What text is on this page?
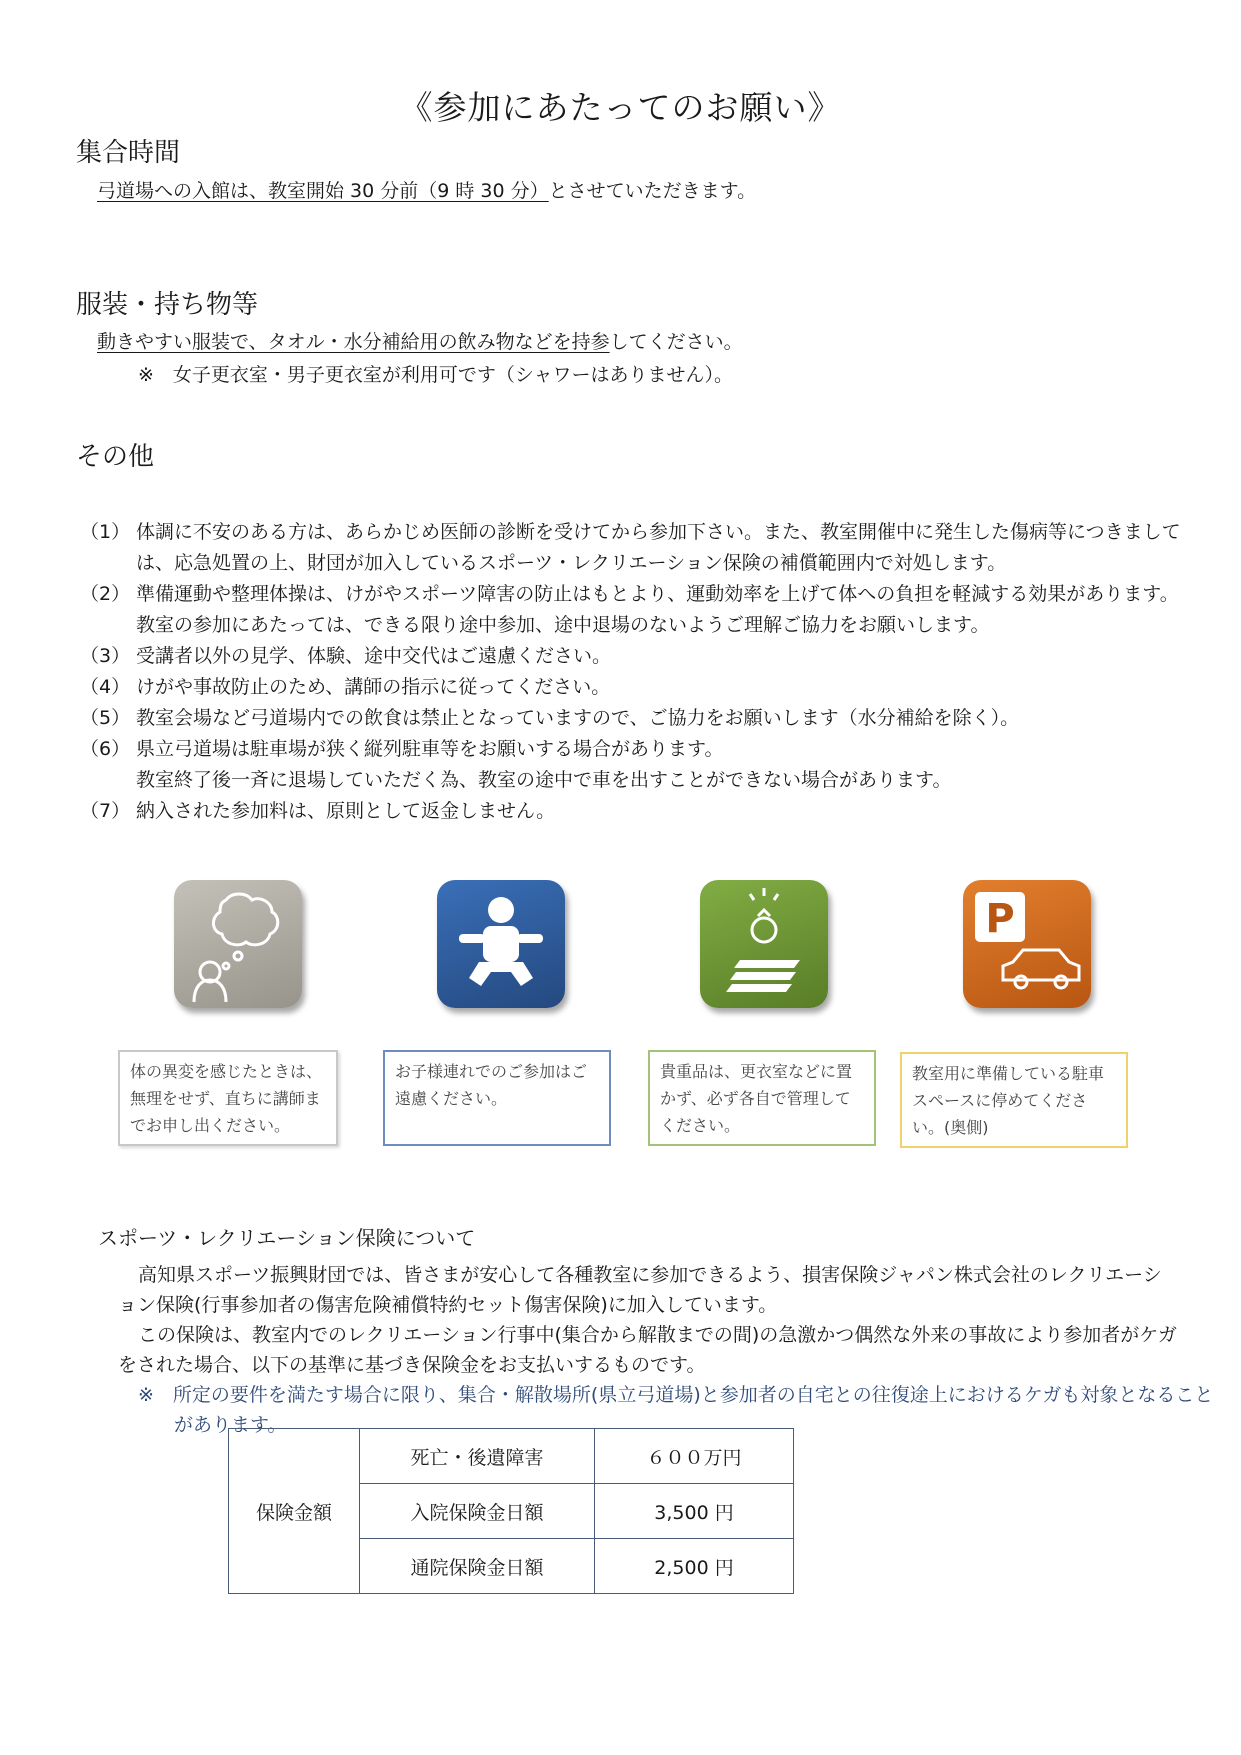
《参加にあたってのお願い》
集合時間
弓道場への入館は、教室開始 30 分前（9 時 30 分）とさせていただきます。
服装・持ち物等
動きやすい服装で、タオル・水分補給用の飲み物などを持参してください。
※　女子更衣室・男子更衣室が利用可です（シャワーはありません）。
その他
（1） 体調に不安のある方は、あらかじめ医師の診断を受けてから参加下さい。また、教室開催中に発生した傷病等につきましては、応急処置の上、財団が加入しているスポーツ・レクリエーション保険の補償範囲内で対処します。
（2） 準備運動や整理体操は、けがやスポーツ障害の防止はもとより、運動効率を上げて体への負担を軽減する効果があります。教室の参加にあたっては、できる限り途中参加、途中退場のないようご理解ご協力をお願いします。
（3） 受講者以外の見学、体験、途中交代はご遠慮ください。
（4） けがや事故防止のため、講師の指示に従ってください。
（5） 教室会場など弓道場内での飲食は禁止となっていますので、ご協力をお願いします（水分補給を除く）。
（6） 県立弓道場は駐車場が狭く縦列駐車等をお願いする場合があります。
教室終了後一斉に退場していただく為、教室の途中で車を出すことができない場合があります。
（7） 納入された参加料は、原則として返金しません。
P
体の異変を感じたときは、無理をせず、直ちに講師までお申し出ください。
お子様連れでのご参加はご遠慮ください。
貴重品は、更衣室などに置かず、必ず各自で管理してください。
教室用に準備している駐車スペースに停めてください。(奥側)
スポーツ・レクリエーション保険について
高知県スポーツ振興財団では、皆さまが安心して各種教室に参加できるよう、損害保険ジャパン株式会社のレクリエーション保険(行事参加者の傷害危険補償特約セット傷害保険)に加入しています。
この保険は、教室内でのレクリエーション行事中(集合から解散までの間)の急激かつ偶然な外来の事故により参加者がケガをされた場合、以下の基準に基づき保険金をお支払いするものです。
※　所定の要件を満たす場合に限り、集合・解散場所(県立弓道場)と参加者の自宅との往復途上におけるケガも対象となることがあります。
保険金額	死亡・後遺障害	６００万円
	入院保険金日額	3,500 円
	通院保険金日額	2,500 円
